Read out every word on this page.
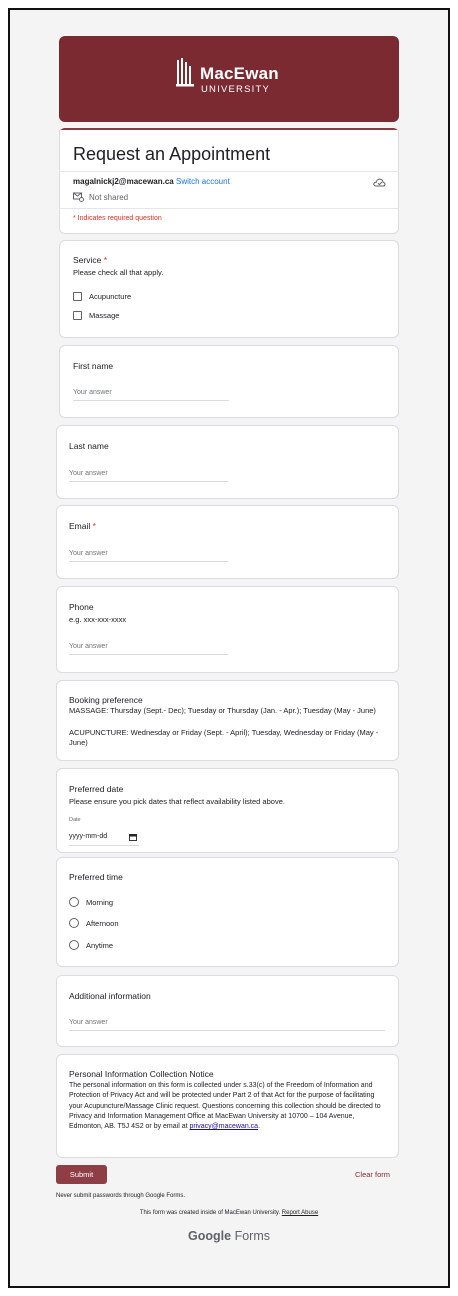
MacEwan
UNIVERSITY
Request an Appointment
magalnickj2@macewan.ca Switch account
Not shared
* Indicates required question
Service *
Please check all that apply.
Acupuncture
Massage
First name
Your answer
Last name
Your answer
Email *
Your answer
Phone
e.g. xxx-xxx-xxxx
Your answer
Booking preference
MASSAGE: Thursday (Sept.- Dec); Tuesday or Thursday (Jan. - Apr.); Tuesday (May - June)
ACUPUNCTURE: Wednesday or Friday (Sept. - April); Tuesday, Wednesday or Friday (May - June)
Preferred date
Please ensure you pick dates that reflect availability listed above.
Date
yyyy-mm-dd
Preferred time
Morning
Afternoon
Anytime
Additional information
Your answer
Personal Information Collection Notice
The personal information on this form is collected under s.33(c) of the Freedom of Information and Protection of Privacy Act and will be protected under Part 2 of that Act for the purpose of facilitating your Acupuncture/Massage Clinic request. Questions concerning this collection should be directed to Privacy and Information Management Office at MacEwan University at 10700 – 104 Avenue, Edmonton, AB. T5J 4S2 or by email at privacy@macewan.ca.
Submit	Clear form
Never submit passwords through Google Forms.
This form was created inside of MacEwan University. Report Abuse
Google Forms
